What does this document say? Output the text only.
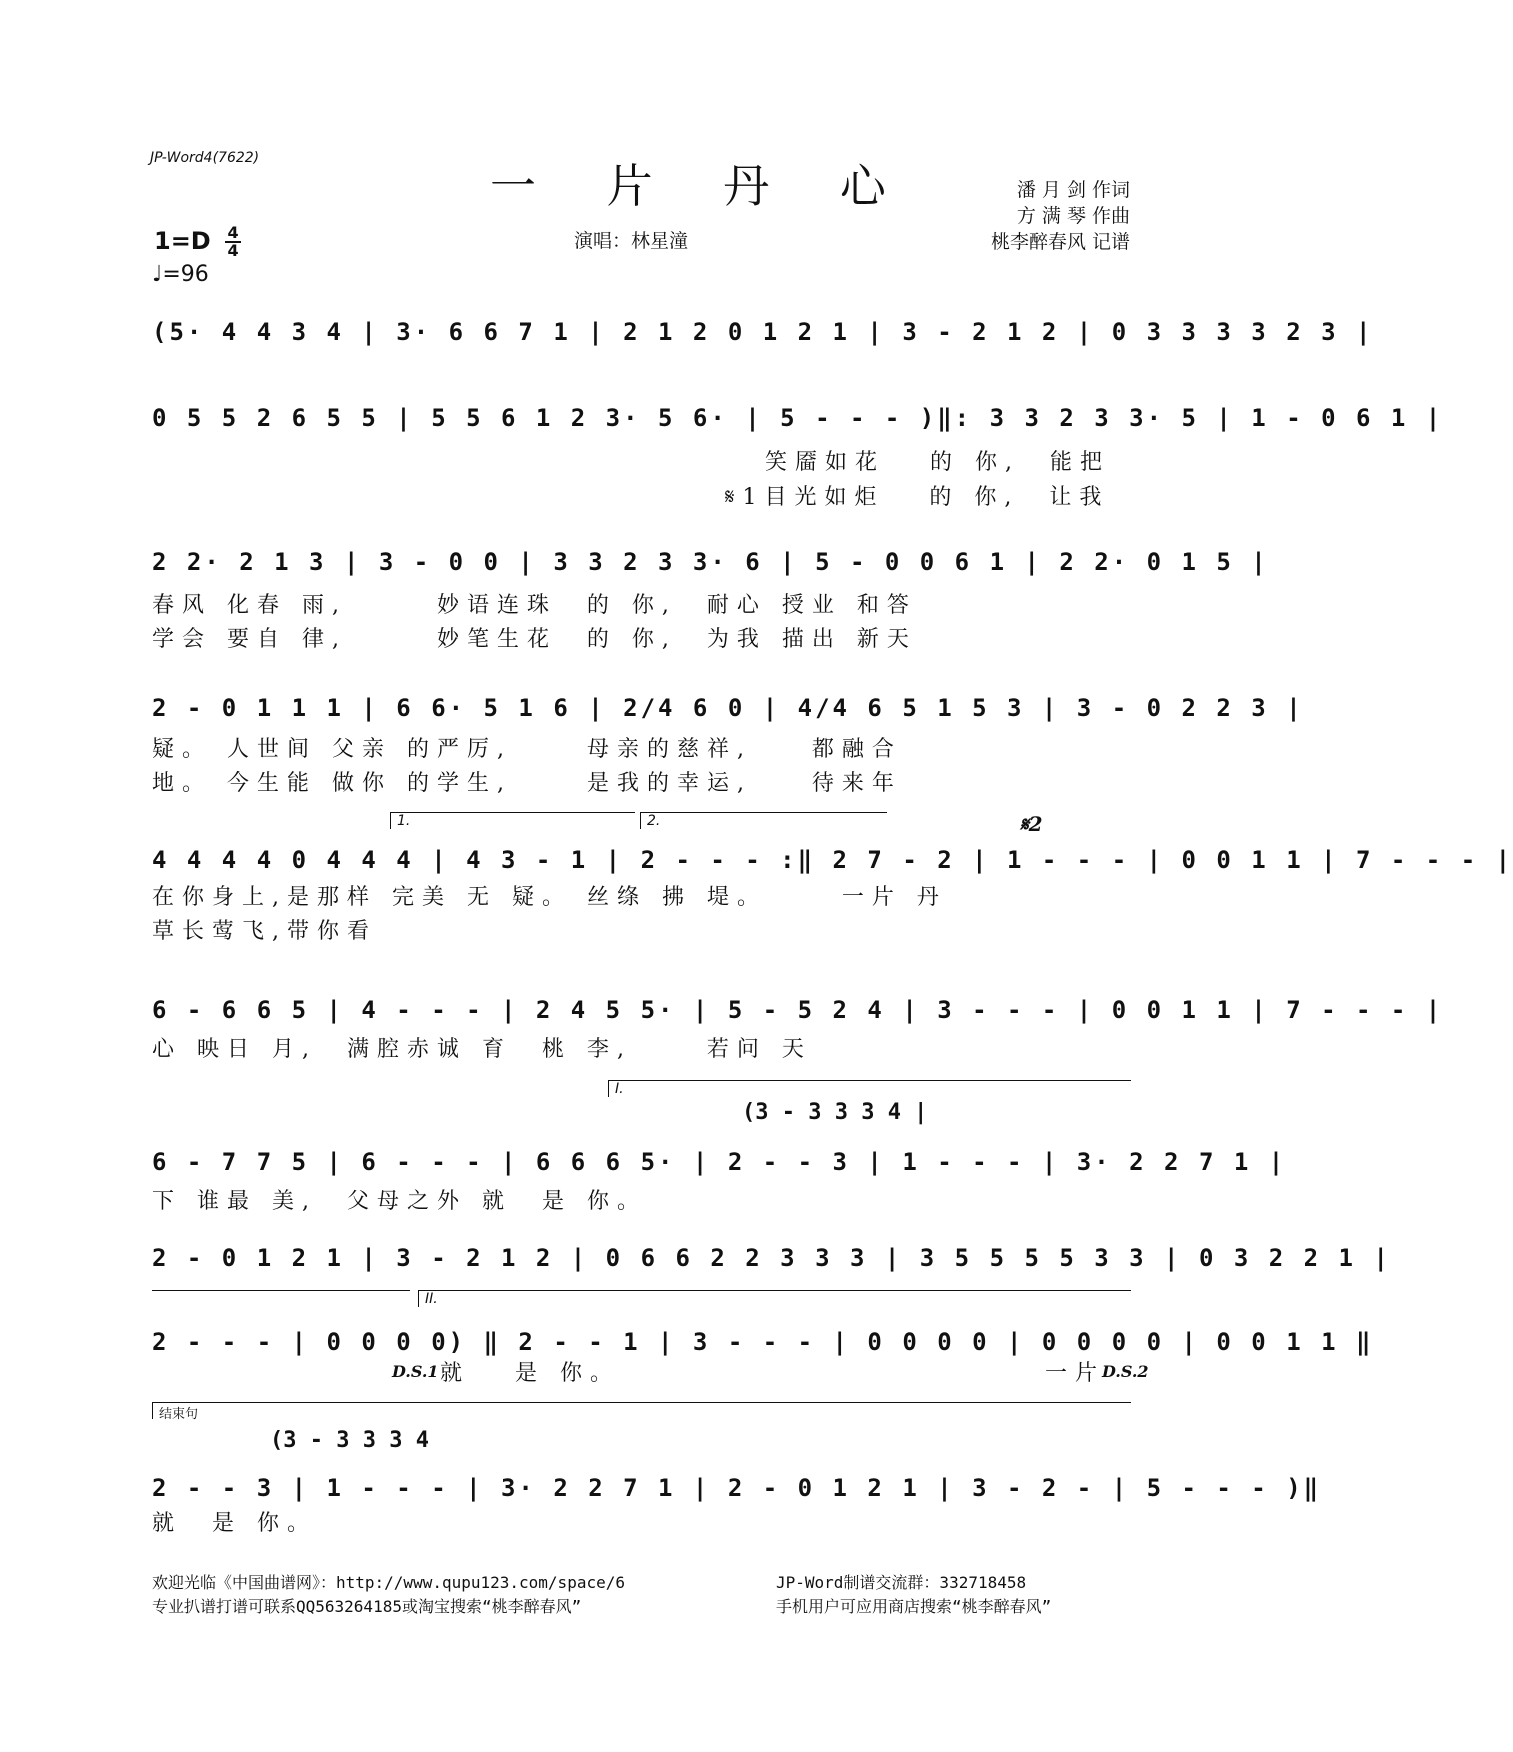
JP-Word4(7622)
一 片 丹 心	潘 月 剑 作词
方 满 琴 作曲
桃李醉春风 记谱
$1=D \frac{4}{4}$
♩=96
演唱：林星潼
(5· 4 4 3 4 | 3· 6 6 7 1 | 2 1 2 0 1 2 1 | 3 - 2 1 2 | 0 3 3 3 3 2 3 |
0 5 5 2 6 5 5 | 5 5 6 1 2 3· 5 6· | 5 - - - )‖: 3 3 2 3 3· 5 | 1 - 0 6 1 |
笑靥如花   的 你,  能把
𝄋1目光如炬   的 你,  让我
2 2· 2 1 3 | 3 - 0 0 | 3 3 2 3 3· 6 | 5 - 0 0 6 1 | 2 2· 0 1 5 |
春风 化春 雨,      妙语连珠  的 你,  耐心 授业 和答
学会 要自 律,      妙笔生花  的 你,  为我 描出 新天
2 - 0 1 1 1 | 6 6· 5 1 6 | 2/4 6 0 | 4/4 6 5 1 5 3 | 3 - 0 2 2 3 |
疑。 人世间 父亲 的严厉,     母亲的慈祥,    都融合
地。 今生能 做你 的学生,     是我的幸运,    待来年
1.	2.	𝄋2
4 4 4 4 0 4 4 4 | 4 3 - 1 | 2 - - - :‖ 2 7 - 2 | 1 - - - | 0 0 1 1 | 7 - - - |
在你身上,是那样 完美 无 疑。 丝绦 拂 堤。     一片 丹
草长莺飞,带你看
6 - 6 6 5 | 4 - - - | 2 4 5 5· | 5 - 5 2 4 | 3 - - - | 0 0 1 1 | 7 - - - |
心 映日 月,  满腔赤诚 育  桃 李,     若问 天
I.
(3 - 3 3 3 4 |
6 - 7 7 5 | 6 - - - | 6 6 6 5· | 2 - - 3 | 1 - - - | 3· 2 2 7 1 |
下 谁最 美,  父母之外 就  是 你。
2 - 0 1 2 1 | 3 - 2 1 2 | 0 6 6 2 2 3 3 3 | 3 5 5 5 5 3 3 | 0 3 2 2 1 |
II.
2 - - - | 0 0 0 0) ‖ 2 - - 1 | 3 - - - | 0 0 0 0 | 0 0 0 0 | 0 0 1 1 ‖
D.S.1 就   是 你。	一片
D.S.2
结束句
(3 - 3 3 3 4
2 - - 3 | 1 - - - | 3· 2 2 7 1 | 2 - 0 1 2 1 | 3 - 2 - | 5 - - - )‖
就  是 你。
欢迎光临《中国曲谱网》：http://www.qupu123.com/space/6
专业扒谱打谱可联系QQ563264185或淘宝搜索“桃李醉春风”
JP-Word制谱交流群：332718458
手机用户可应用商店搜索“桃李醉春风”
